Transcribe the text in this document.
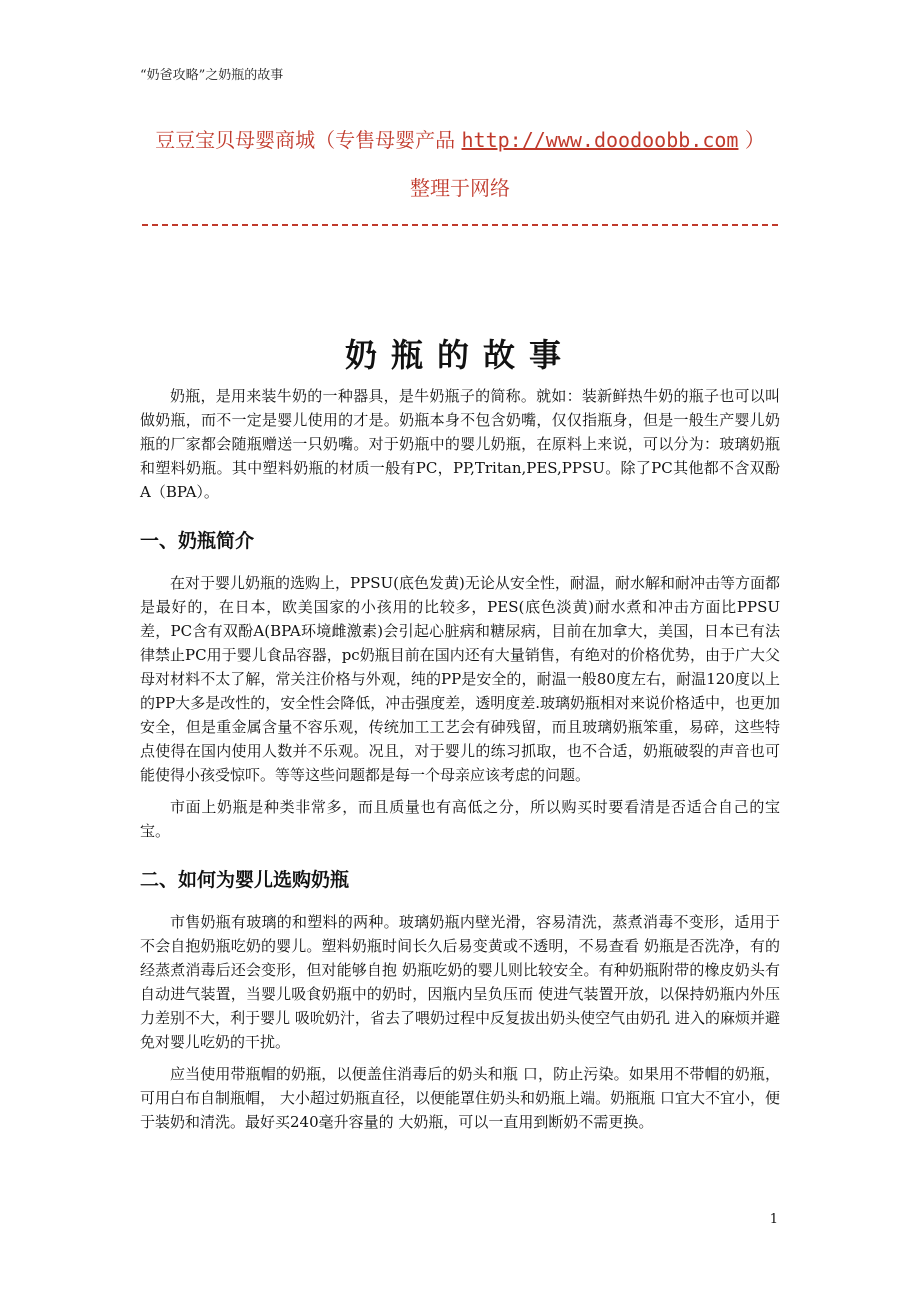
“奶爸攻略”之奶瓶的故事
豆豆宝贝母婴商城（专售母婴产品 http://www.doodoobb.com ）
整理于网络
奶瓶的故事

奶瓶，是用来装牛奶的一种器具，是牛奶瓶子的简称。就如：装新鲜热牛奶的瓶子也可以叫做奶瓶，而不一定是婴儿使用的才是。奶瓶本身不包含奶嘴，仅仅指瓶身，但是一般生产婴儿奶瓶的厂家都会随瓶赠送一只奶嘴。对于奶瓶中的婴儿奶瓶，在原料上来说，可以分为：玻璃奶瓶和塑料奶瓶。其中塑料奶瓶的材质一般有PC，PP,Tritan,PES,PPSU。除了PC其他都不含双酚A（BPA）。

一、奶瓶简介

在对于婴儿奶瓶的选购上，PPSU(底色发黄)无论从安全性，耐温，耐水解和耐冲击等方面都是最好的，在日本，欧美国家的小孩用的比较多，PES(底色淡黄)耐水煮和冲击方面比PPSU差，PC含有双酚A(BPA环境雌激素)会引起心脏病和糖尿病，目前在加拿大，美国，日本已有法律禁止PC用于婴儿食品容器，pc奶瓶目前在国内还有大量销售，有绝对的价格优势，由于广大父母对材料不太了解，常关注价格与外观，纯的PP是安全的，耐温一般80度左右，耐温120度以上的PP大多是改性的，安全性会降低，冲击强度差，透明度差.玻璃奶瓶相对来说价格适中，也更加安全，但是重金属含量不容乐观，传统加工工艺会有砷残留，而且玻璃奶瓶笨重，易碎，这些特点使得在国内使用人数并不乐观。况且，对于婴儿的练习抓取，也不合适，奶瓶破裂的声音也可能使得小孩受惊吓。等等这些问题都是每一个母亲应该考虑的问题。

市面上奶瓶是种类非常多，而且质量也有高低之分，所以购买时要看清是否适合自己的宝宝。

二、如何为婴儿选购奶瓶

市售奶瓶有玻璃的和塑料的两种。玻璃奶瓶内壁光滑，容易清洗，蒸煮消毒不变形，适用于不会自抱奶瓶吃奶的婴儿。塑料奶瓶时间长久后易变黄或不透明，不易查看 奶瓶是否洗净，有的经蒸煮消毒后还会变形，但对能够自抱 奶瓶吃奶的婴儿则比较安全。有种奶瓶附带的橡皮奶头有 自动进气装置，当婴儿吸食奶瓶中的奶时，因瓶内呈负压而 使进气装置开放，以保持奶瓶内外压力差别不大，利于婴儿 吸吮奶汁，省去了喂奶过程中反复拔出奶头使空气由奶孔 进入的麻烦并避免对婴儿吃奶的干扰。

应当使用带瓶帽的奶瓶，以便盖住消毒后的奶头和瓶 口，防止污染。如果用不带帽的奶瓶，可用白布自制瓶帽， 大小超过奶瓶直径，以便能罩住奶头和奶瓶上端。奶瓶瓶 口宜大不宜小，便于装奶和清洗。最好买240毫升容量的 大奶瓶，可以一直用到断奶不需更换。

1
